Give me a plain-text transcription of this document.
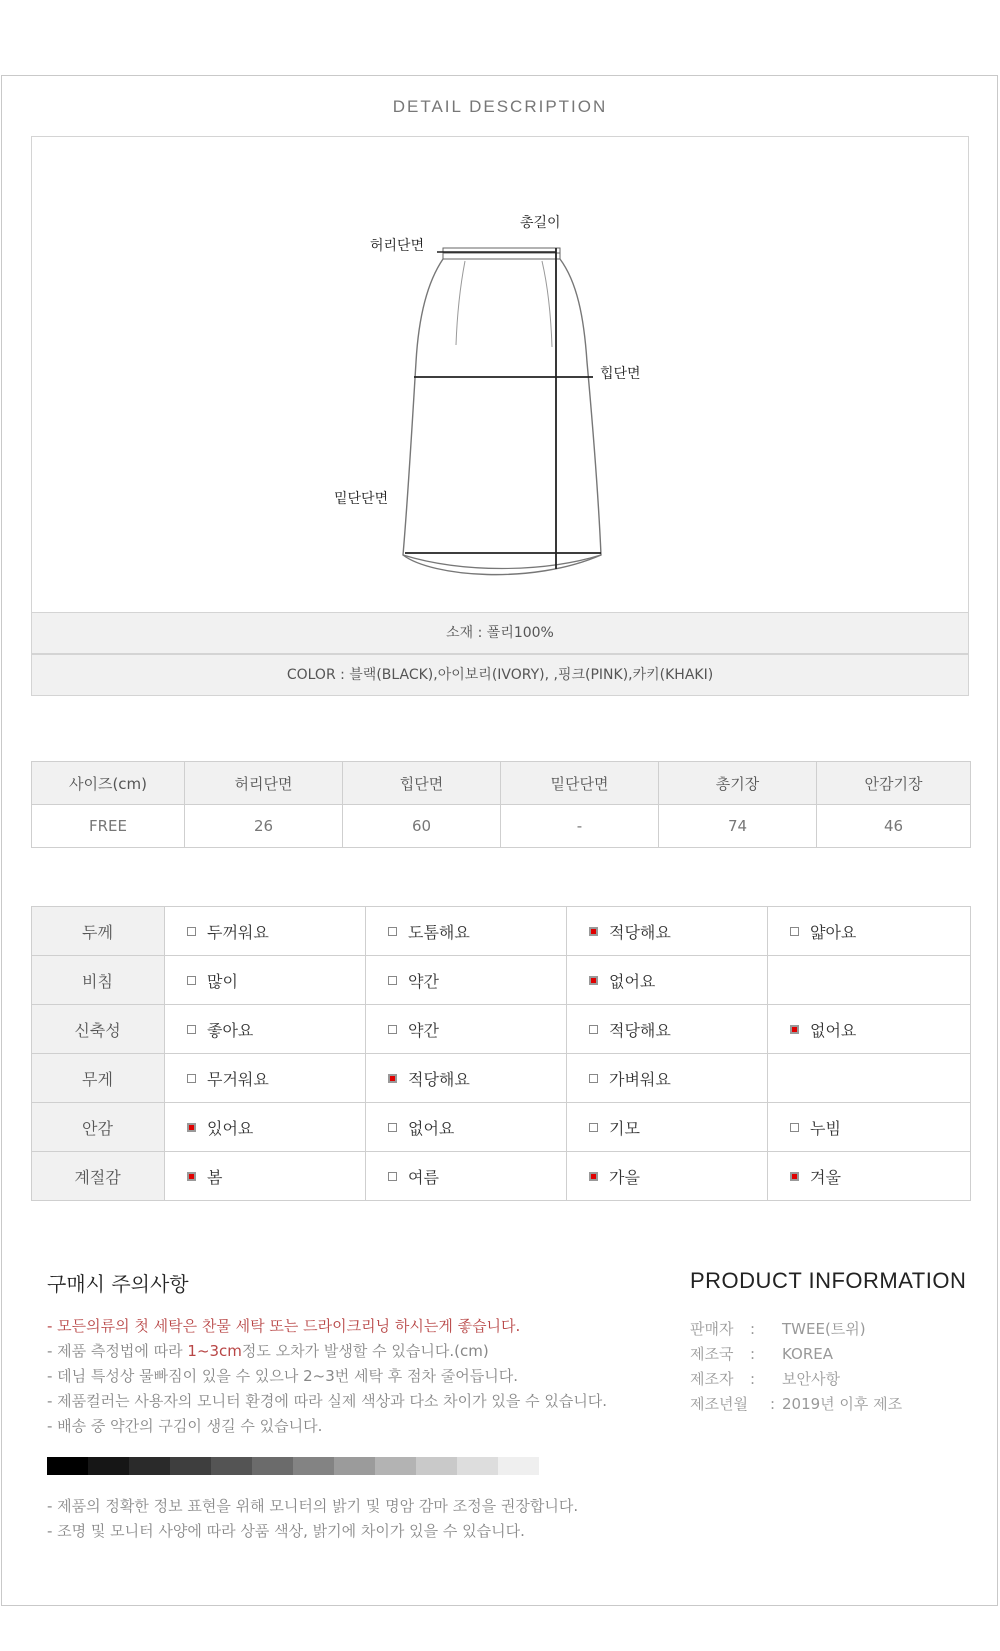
DETAIL DESCRIPTION
총길이
허리단면
힙단면
밑단단면
소재 : 폴리100%
COLOR : 블랙(BLACK),아이보리(IVORY), ,핑크(PINK),카키(KHAKI)
사이즈(cm)	허리단면	힙단면	밑단단면	총기장	안감기장
FREE	26	60	-	74	46
두께	두꺼워요	도톰해요	적당해요	얇아요
비침	많이	약간	없어요	
신축성	좋아요	약간	적당해요	없어요
무게	무거워요	적당해요	가벼워요	
안감	있어요	없어요	기모	누빔
계절감	봄	여름	가을	겨울
구매시 주의사항
- 모든의류의 첫 세탁은 찬물 세탁 또는 드라이크리닝 하시는게 좋습니다.
- 제품 측정법에 따라 1~3cm정도 오차가 발생할 수 있습니다.(cm)
- 데님 특성상 물빠짐이 있을 수 있으나 2~3번 세탁 후 점차 줄어듭니다.
- 제품컬러는 사용자의 모니터 환경에 따라 실제 색상과 다소 차이가 있을 수 있습니다.
- 배송 중 약간의 구김이 생길 수 있습니다.
- 제품의 정확한 정보 표현을 위해 모니터의 밝기 및 명암 감마 조정을 권장합니다.
- 조명 및 모니터 사양에 따라 상품 색상, 밝기에 차이가 있을 수 있습니다.
PRODUCT INFORMATION
판매자 : TWEE(트위)
제조국 : KOREA
제조자 : 보안사항
제조년월 : 2019년 이후 제조
